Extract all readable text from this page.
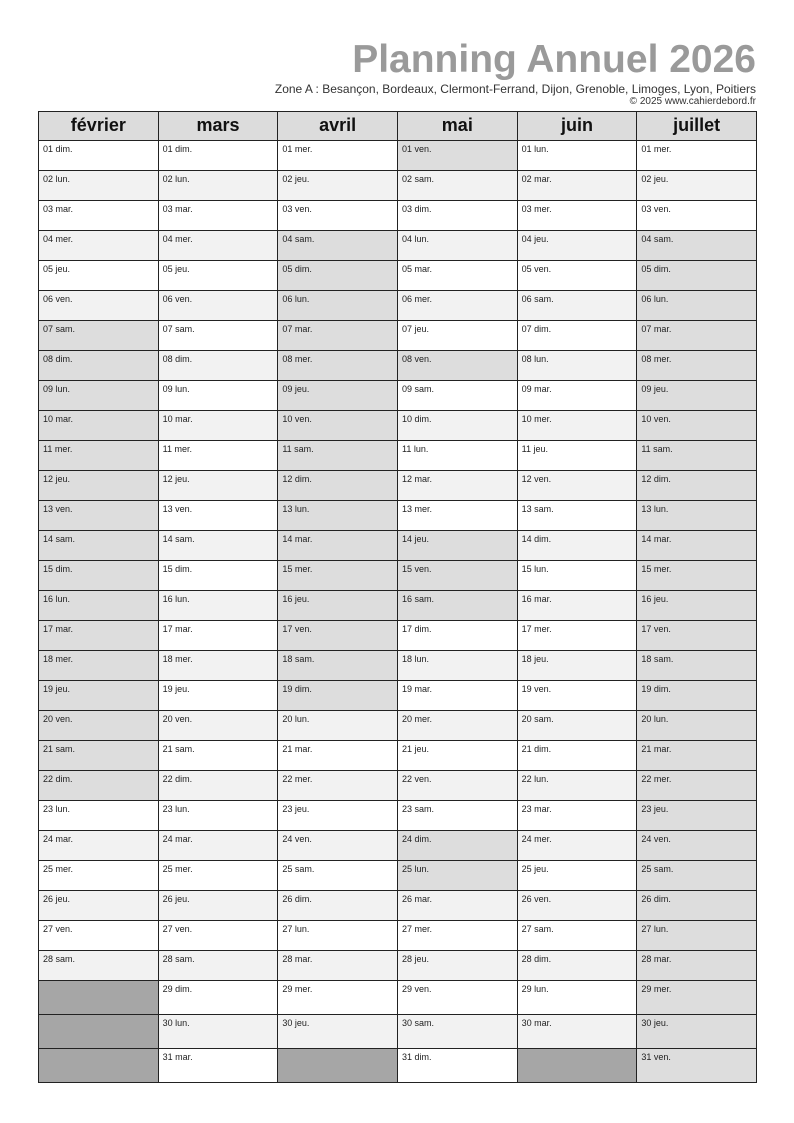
Planning Annuel 2026
Zone A : Besançon, Bordeaux, Clermont-Ferrand, Dijon, Grenoble, Limoges, Lyon, Poitiers
© 2025 www.cahierdebord.fr
février
01 dim.
02 lun.
03 mar.
04 mer.
05 jeu.
06 ven.
07 sam.
08 dim.
09 lun.
10 mar.
11 mer.
12 jeu.
13 ven.
14 sam.
15 dim.
16 lun.
17 mar.
18 mer.
19 jeu.
20 ven.
21 sam.
22 dim.
23 lun.
24 mar.
25 mer.
26 jeu.
27 ven.
28 sam.
mars
01 dim.
02 lun.
03 mar.
04 mer.
05 jeu.
06 ven.
07 sam.
08 dim.
09 lun.
10 mar.
11 mer.
12 jeu.
13 ven.
14 sam.
15 dim.
16 lun.
17 mar.
18 mer.
19 jeu.
20 ven.
21 sam.
22 dim.
23 lun.
24 mar.
25 mer.
26 jeu.
27 ven.
28 sam.
29 dim.
30 lun.
31 mar.
avril
01 mer.
02 jeu.
03 ven.
04 sam.
05 dim.
06 lun.
07 mar.
08 mer.
09 jeu.
10 ven.
11 sam.
12 dim.
13 lun.
14 mar.
15 mer.
16 jeu.
17 ven.
18 sam.
19 dim.
20 lun.
21 mar.
22 mer.
23 jeu.
24 ven.
25 sam.
26 dim.
27 lun.
28 mar.
29 mer.
30 jeu.
mai
01 ven.
02 sam.
03 dim.
04 lun.
05 mar.
06 mer.
07 jeu.
08 ven.
09 sam.
10 dim.
11 lun.
12 mar.
13 mer.
14 jeu.
15 ven.
16 sam.
17 dim.
18 lun.
19 mar.
20 mer.
21 jeu.
22 ven.
23 sam.
24 dim.
25 lun.
26 mar.
27 mer.
28 jeu.
29 ven.
30 sam.
31 dim.
juin
01 lun.
02 mar.
03 mer.
04 jeu.
05 ven.
06 sam.
07 dim.
08 lun.
09 mar.
10 mer.
11 jeu.
12 ven.
13 sam.
14 dim.
15 lun.
16 mar.
17 mer.
18 jeu.
19 ven.
20 sam.
21 dim.
22 lun.
23 mar.
24 mer.
25 jeu.
26 ven.
27 sam.
28 dim.
29 lun.
30 mar.
juillet
01 mer.
02 jeu.
03 ven.
04 sam.
05 dim.
06 lun.
07 mar.
08 mer.
09 jeu.
10 ven.
11 sam.
12 dim.
13 lun.
14 mar.
15 mer.
16 jeu.
17 ven.
18 sam.
19 dim.
20 lun.
21 mar.
22 mer.
23 jeu.
24 ven.
25 sam.
26 dim.
27 lun.
28 mar.
29 mer.
30 jeu.
31 ven.
